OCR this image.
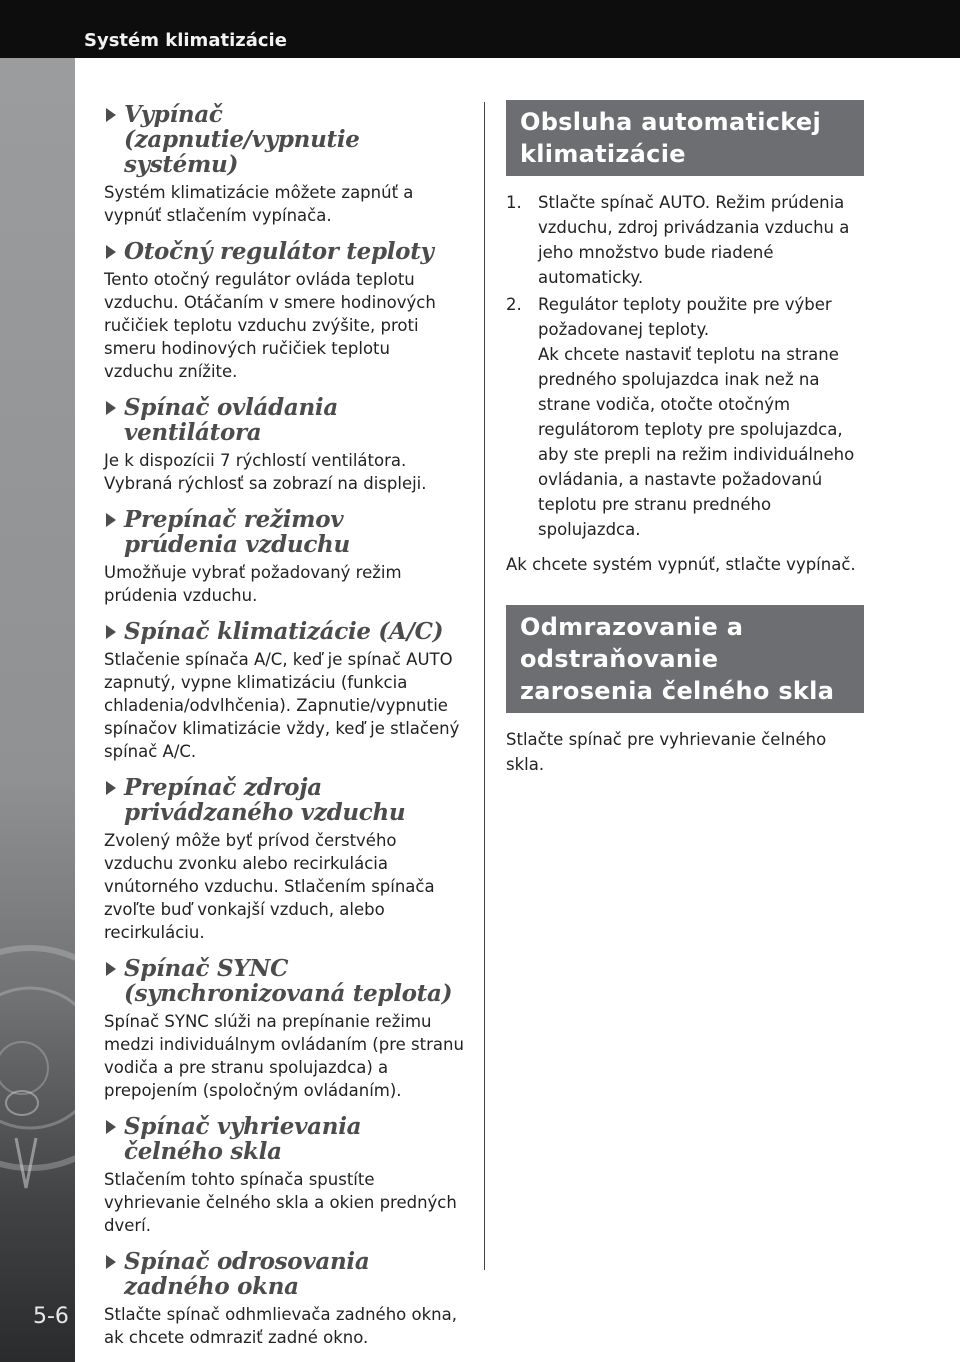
Systém klimatizácie
5-6
Vypínač (zapnutie/vypnutie systému)
Systém klimatizácie môžete zapnúť a vypnúť stlačením vypínača.
Otočný regulátor teploty
Tento otočný regulátor ovláda teplotu vzduchu. Otáčaním v smere hodinových ručičiek teplotu vzduchu zvýšite, proti smeru hodinových ručičiek teplotu vzduchu znížite.
Spínač ovládania ventilátora
Je k dispozícii 7 rýchlostí ventilátora. Vybraná rýchlosť sa zobrazí na displeji.
Prepínač režimov prúdenia vzduchu
Umožňuje vybrať požadovaný režim prúdenia vzduchu.
Spínač klimatizácie (A/C)
Stlačenie spínača A/C, keď je spínač AUTO zapnutý, vypne klimatizáciu (funkcia chladenia/odvlhčenia). Zapnutie/vypnutie spínačov klimatizácie vždy, keď je stlačený spínač A/C.
Prepínač zdroja privádzaného vzduchu
Zvolený môže byť prívod čerstvého vzduchu zvonku alebo recirkulácia vnútorného vzduchu. Stlačením spínača zvoľte buď vonkajší vzduch, alebo recirkuláciu.
Spínač SYNC (synchronizovaná teplota)
Spínač SYNC slúži na prepínanie režimu medzi individuálnym ovládaním (pre stranu vodiča a pre stranu spolujazdca) a prepojením (spoločným ovládaním).
Spínač vyhrievania čelného skla
Stlačením tohto spínača spustíte vyhrievanie čelného skla a okien predných dverí.
Spínač odrosovania zadného okna
Stlačte spínač odhmlievača zadného okna, ak chcete odmraziť zadné okno.
Obsluha automatickej klimatizácie
1. Stlačte spínač AUTO. Režim prúdenia vzduchu, zdroj privádzania vzduchu a jeho množstvo bude riadené automaticky.
2. Regulátor teploty použite pre výber požadovanej teploty.
Ak chcete nastaviť teplotu na strane predného spolujazdca inak než na strane vodiča, otočte otočným regulátorom teploty pre spolujazdca, aby ste prepli na režim individuálneho ovládania, a nastavte požadovanú teplotu pre stranu predného spolujazdca.
Ak chcete systém vypnúť, stlačte vypínač.
Odmrazovanie a odstraňovanie zarosenia čelného skla
Stlačte spínač pre vyhrievanie čelného skla.
